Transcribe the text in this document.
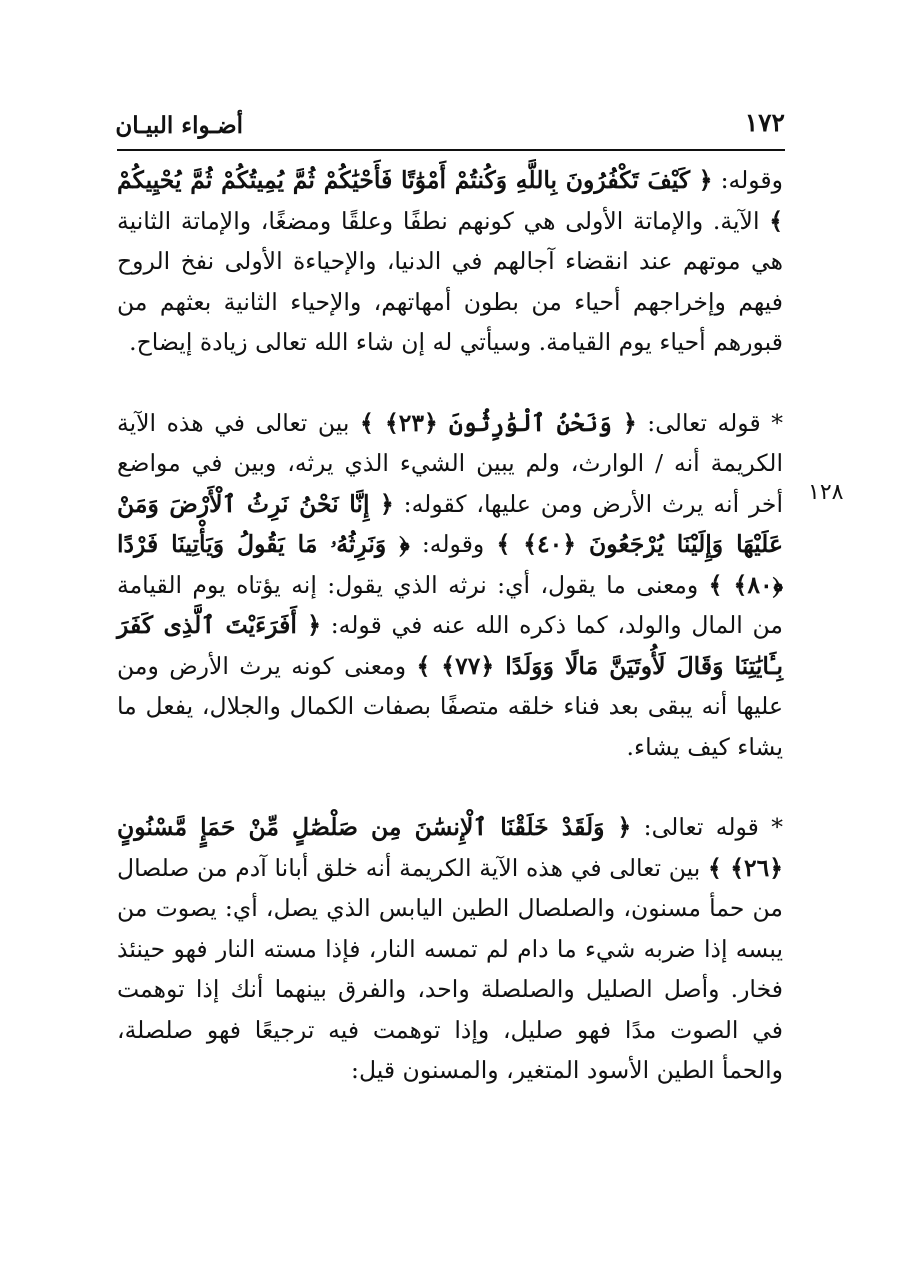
أضـواء البيـان	١٧٢
١٢٨

وقوله: ﴿ كَيْفَ تَكْفُرُونَ بِاللَّهِ وَكُنتُمْ أَمْوَٰتًا فَأَحْيَٰكُمْ ثُمَّ يُمِيتُكُمْ ثُمَّ يُحْيِيكُمْ ﴾ الآية. والإماتة الأولى هي كونهم نطفًا وعلقًا ومضغًا، والإماتة الثانية هي موتهم عند انقضاء آجالهم في الدنيا، والإحياءة الأولى نفخ الروح فيهم وإخراجهم أحياء من بطون أمهاتهم، والإحياء الثانية بعثهم من قبورهم أحياء يوم القيامة. وسيأتي له إن شاء الله تعالى زيادة إيضاح.

* قوله تعالى: ﴿ وَنَحْنُ ٱلْوَٰرِثُونَ ﴿٢٣﴾ ﴾ بين تعالى في هذه الآية الكريمة أنه / الوارث، ولم يبين الشيء الذي يرثه، وبين في مواضع أخر أنه يرث الأرض ومن عليها، كقوله: ﴿ إِنَّا نَحْنُ نَرِثُ ٱلْأَرْضَ وَمَنْ عَلَيْهَا وَإِلَيْنَا يُرْجَعُونَ ﴿٤٠﴾ ﴾ وقوله: ﴿ وَنَرِثُهُۥ مَا يَقُولُ وَيَأْتِينَا فَرْدًا ﴿٨٠﴾ ﴾ ومعنى ما يقول، أي: نرثه الذي يقول: إنه يؤتاه يوم القيامة من المال والولد، كما ذكره الله عنه في قوله: ﴿ أَفَرَءَيْتَ ٱلَّذِى كَفَرَ بِـَٔايَٰتِنَا وَقَالَ لَأُوتَيَنَّ مَالًا وَوَلَدًا ﴿٧٧﴾ ﴾ ومعنى كونه يرث الأرض ومن عليها أنه يبقى بعد فناء خلقه متصفًا بصفات الكمال والجلال، يفعل ما يشاء كيف يشاء.

* قوله تعالى: ﴿ وَلَقَدْ خَلَقْنَا ٱلْإِنسَٰنَ مِن صَلْصَٰلٍ مِّنْ حَمَإٍ مَّسْنُونٍ ﴿٢٦﴾ ﴾ بين تعالى في هذه الآية الكريمة أنه خلق أبانا آدم من صلصال من حمأ مسنون، والصلصال الطين اليابس الذي يصل، أي: يصوت من يبسه إذا ضربه شيء ما دام لم تمسه النار، فإذا مسته النار فهو حينئذ فخار. وأصل الصليل والصلصلة واحد، والفرق بينهما أنك إذا توهمت في الصوت مدًا فهو صليل، وإذا توهمت فيه ترجيعًا فهو صلصلة، والحمأ الطين الأسود المتغير، والمسنون قيل:
